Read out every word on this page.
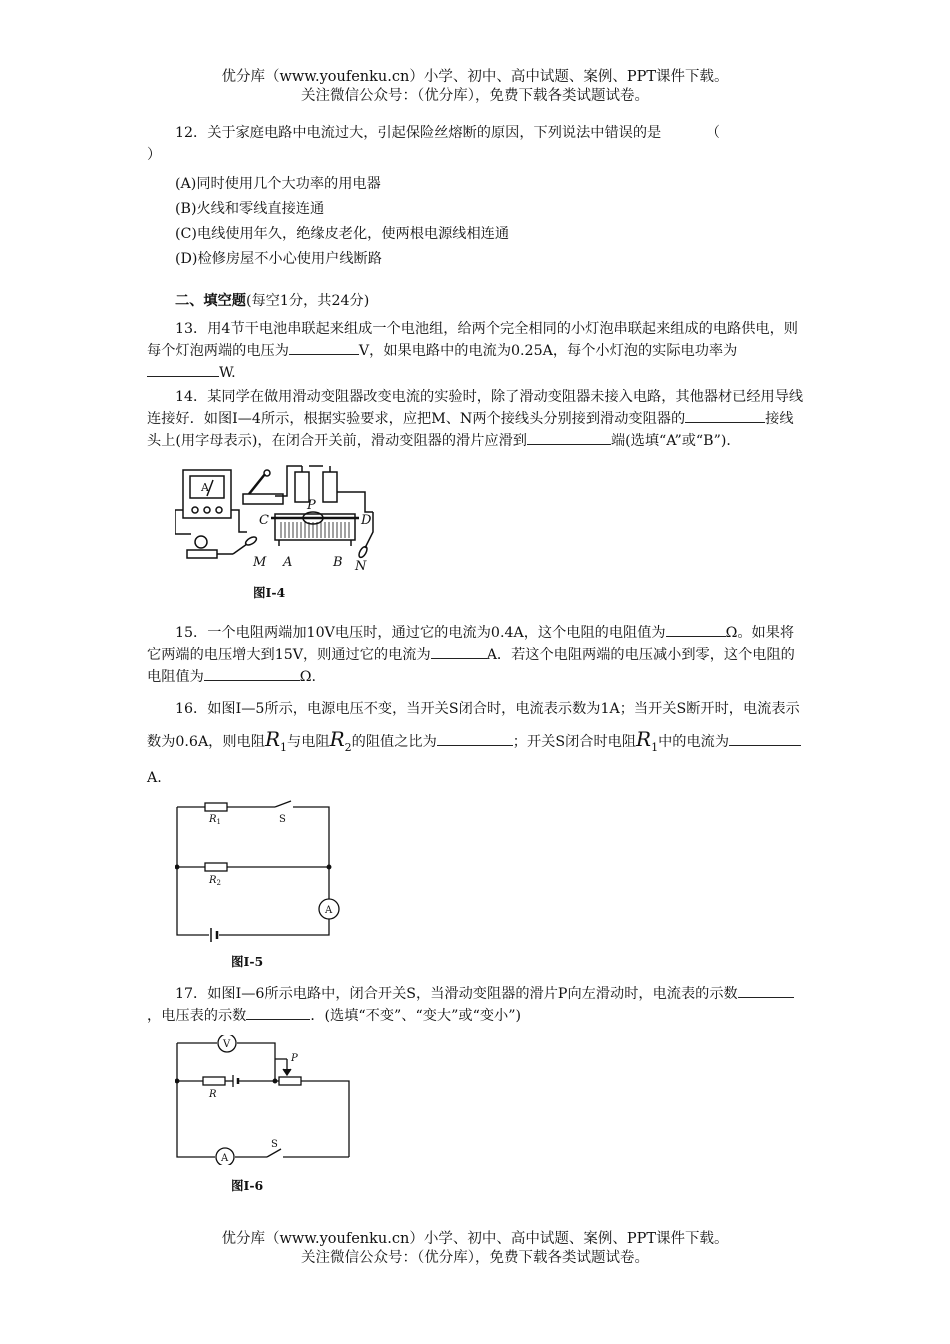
优分库（www.youfenku.cn）小学、初中、高中试题、案例、PPT课件下载。
关注微信公众号：（优分库），免费下载各类试题试卷。

12．关于家庭电路中电流过大，引起保险丝熔断的原因，下列说法中错误的是	（

）

(A)同时使用几个大功率的用电器

(B)火线和零线直接连通

(C)电线使用年久，绝缘皮老化，使两根电源线相连通

(D)检修房屋不小心使用户线断路

二、填空题(每空1分，共24分)

13．用4节干电池串联起来组成一个电池组，给两个完全相同的小灯泡串联起来组成的电路供电，则每个灯泡两端的电压为	V，如果电路中的电流为0.25A，每个小灯泡的实际电功率为W.

14．某同学在做用滑动变阻器改变电流的实验时，除了滑动变阻器未接入电路，其他器材已经用导线连接好．如图Ⅰ—4所示，根据实验要求，应把M、N两个接线头分别接到滑动变阻器的	接线头上(用字母表示)，在闭合开关前，滑动变阻器的滑片应滑到	端(选填“A”或“B”)．

A
P
C	D
M A	B N

图Ⅰ-4

15．一个电阻两端加10V电压时，通过它的电流为0.4A，这个电阻的电阻值为	Ω。如果将它两端的电压增大到15V，则通过它的电流为	A．若这个电阻两端的电压减小到零，这个电阻的电阻值为	Ω.

16．如图Ⅰ—5所示，电源电压不变，当开关S闭合时，电流表示数为1A；当开关S断开时，电流表示数为0.6A，则电阻$R_1$与电阻$R_2$的阻值之比为	；开关S闭合时电阻$R_1$中的电流为A.

$R_1$	S
$R_2$
A

图Ⅰ-5

17．如图Ⅰ—6所示电路中，闭合开关S，当滑动变阻器的滑片P向左滑动时，电流表的示数，电压表的示数	．(选填“不变”、“变大”或“变小”)

V
P
R
A
S

图Ⅰ-6

优分库（www.youfenku.cn）小学、初中、高中试题、案例、PPT课件下载。
关注微信公众号：（优分库），免费下载各类试题试卷。
